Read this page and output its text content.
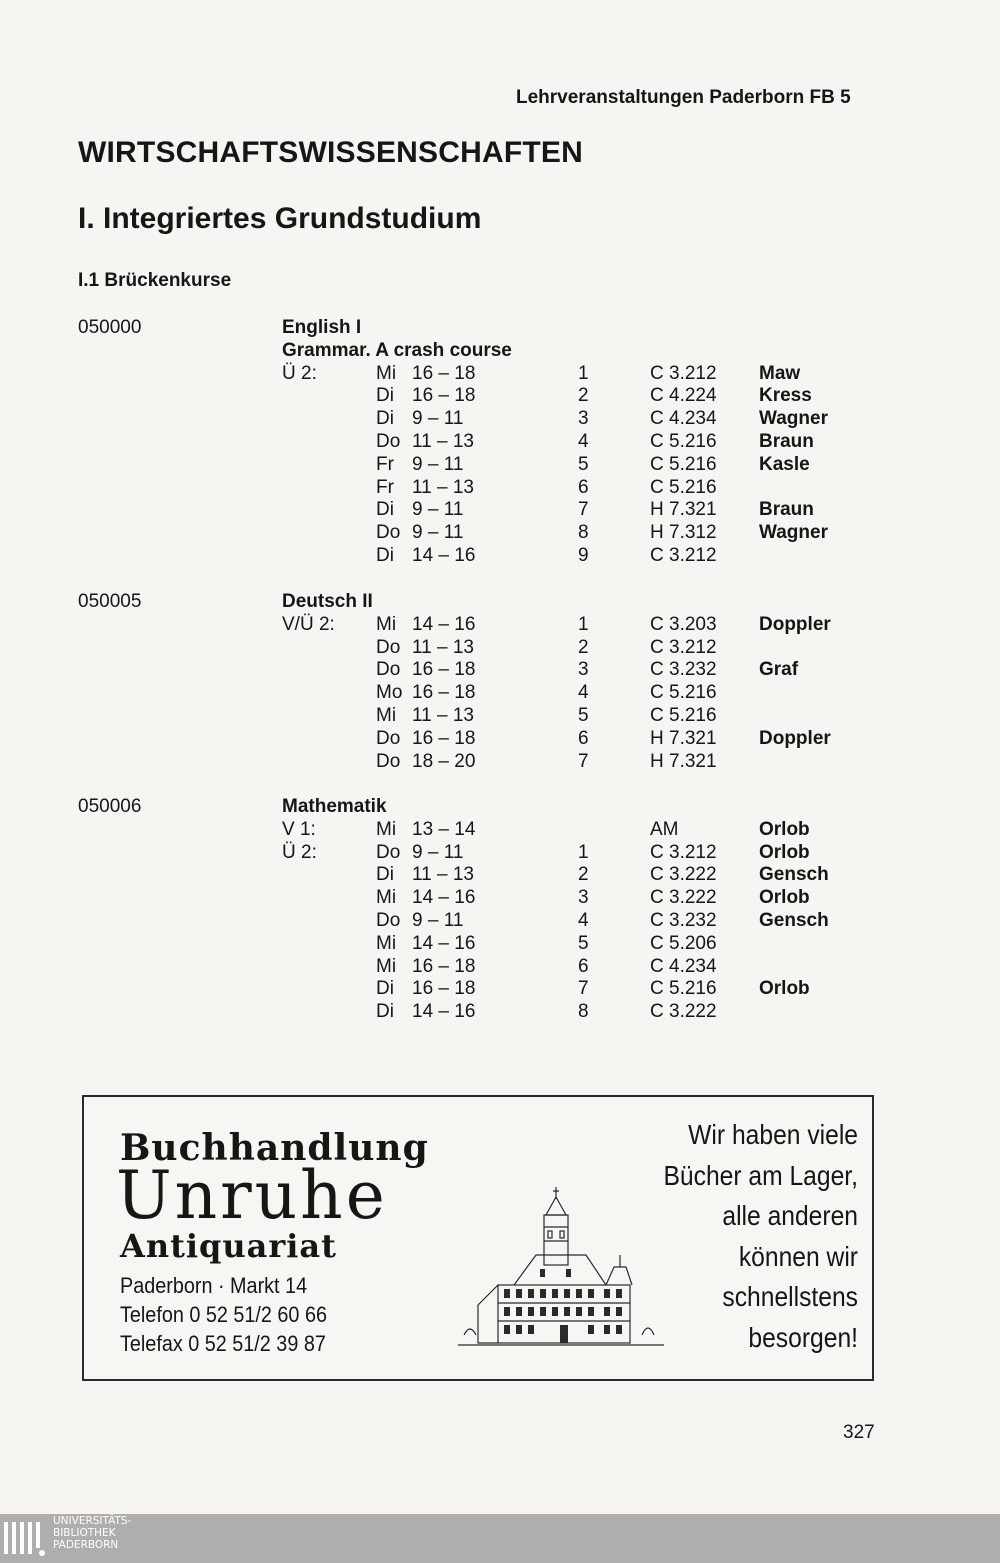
Lehrveranstaltungen Paderborn FB 5
WIRTSCHAFTSWISSENSCHAFTEN
I. Integriertes Grundstudium
I.1 Brückenkurse
050000	English I
Grammar. A crash course
Ü 2:	Mi 16 – 18	1	C 3.212 Maw
Di 16 – 18	2	C 4.224 Kress
Di 9 – 11	3	C 4.234 Wagner
Do 11 – 13	4	C 5.216 Braun
Fr 9 – 11	5	C 5.216 Kasle
Fr 11 – 13	6	C 5.216
Di 9 – 11	7	H 7.321 Braun
Do 9 – 11	8	H 7.312 Wagner
Di 14 – 16	9	C 3.212
050005	Deutsch II
V/Ü 2: Mi 14 – 16	1	C 3.203 Doppler
Do 11 – 13	2	C 3.212
Do 16 – 18	3	C 3.232 Graf
Mo 16 – 18	4	C 5.216
Mi 11 – 13	5	C 5.216
Do 16 – 18	6	H 7.321 Doppler
Do 18 – 20	7	H 7.321
050006	Mathematik
V 1:	Mi 13 – 14	AM	Orlob
Ü 2:	Do 9 – 11	1	C 3.212 Orlob
Di 11 – 13	2	C 3.222 Gensch
Mi 14 – 16	3	C 3.222 Orlob
Do 9 – 11	4	C 3.232 Gensch
Mi 14 – 16	5	C 5.206
Mi 16 – 18	6	C 4.234
Di 16 – 18	7	C 5.216 Orlob
Di 14 – 16	8	C 3.222
Buchhandlung
Unruhe
Antiquariat
Paderborn · Markt 14
Telefon 0 52 51/2 60 66
Telefax 0 52 51/2 39 87
Wir haben viele
Bücher am Lager,
alle anderen
können wir
schnellstens
besorgen!
327
UNIVERSITÄTS-
BIBLIOTHEK
PADERBORN
